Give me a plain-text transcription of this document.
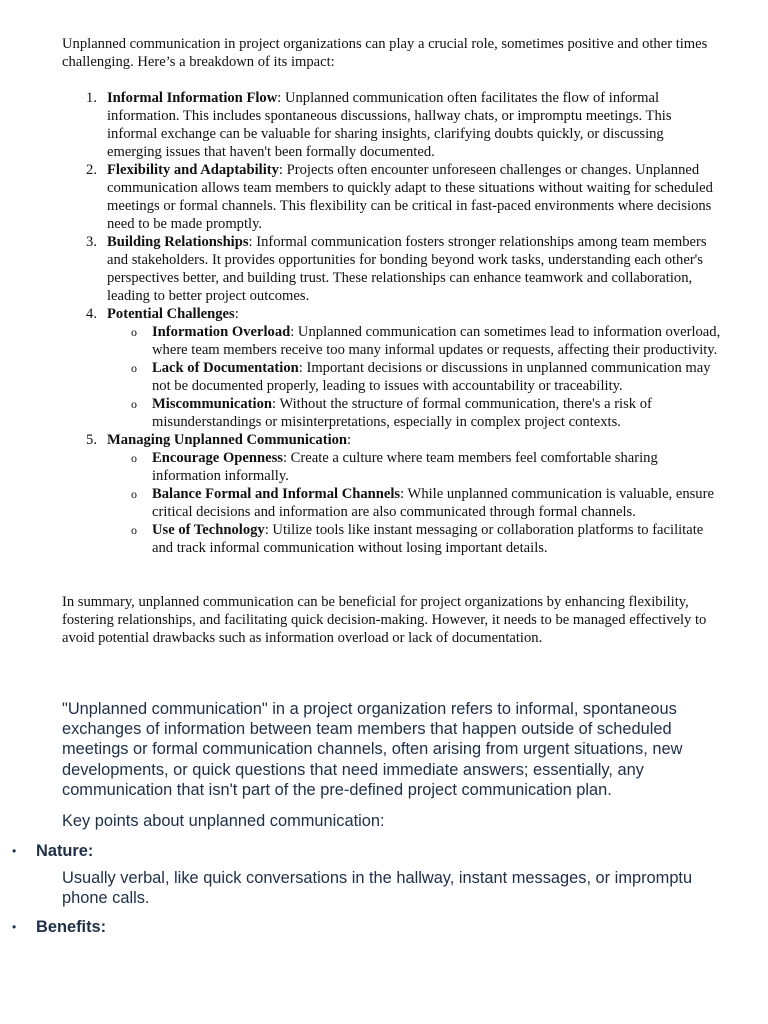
Unplanned communication in project organizations can play a crucial role, sometimes positive and other times challenging. Here’s a breakdown of its impact:

1. Informal Information Flow: Unplanned communication often facilitates the flow of informal information. This includes spontaneous discussions, hallway chats, or impromptu meetings. This informal exchange can be valuable for sharing insights, clarifying doubts quickly, or discussing emerging issues that haven't been formally documented.
2. Flexibility and Adaptability: Projects often encounter unforeseen challenges or changes. Unplanned communication allows team members to quickly adapt to these situations without waiting for scheduled meetings or formal channels. This flexibility can be critical in fast-paced environments where decisions need to be made promptly.
3. Building Relationships: Informal communication fosters stronger relationships among team members and stakeholders. It provides opportunities for bonding beyond work tasks, understanding each other's perspectives better, and building trust. These relationships can enhance teamwork and collaboration, leading to better project outcomes.
4. Potential Challenges:
o Information Overload: Unplanned communication can sometimes lead to information overload, where team members receive too many informal updates or requests, affecting their productivity.
o Lack of Documentation: Important decisions or discussions in unplanned communication may not be documented properly, leading to issues with accountability or traceability.
o Miscommunication: Without the structure of formal communication, there's a risk of misunderstandings or misinterpretations, especially in complex project contexts.
5. Managing Unplanned Communication:
o Encourage Openness: Create a culture where team members feel comfortable sharing information informally.
o Balance Formal and Informal Channels: While unplanned communication is valuable, ensure critical decisions and information are also communicated through formal channels.
o Use of Technology: Utilize tools like instant messaging or collaboration platforms to facilitate and track informal communication without losing important details.

In summary, unplanned communication can be beneficial for project organizations by enhancing flexibility, fostering relationships, and facilitating quick decision-making. However, it needs to be managed effectively to avoid potential drawbacks such as information overload or lack of documentation.

"Unplanned communication" in a project organization refers to informal, spontaneous exchanges of information between team members that happen outside of scheduled meetings or formal communication channels, often arising from urgent situations, new developments, or quick questions that need immediate answers; essentially, any communication that isn't part of the pre-defined project communication plan.

Key points about unplanned communication:

• Nature:

Usually verbal, like quick conversations in the hallway, instant messages, or impromptu phone calls.

• Benefits:
